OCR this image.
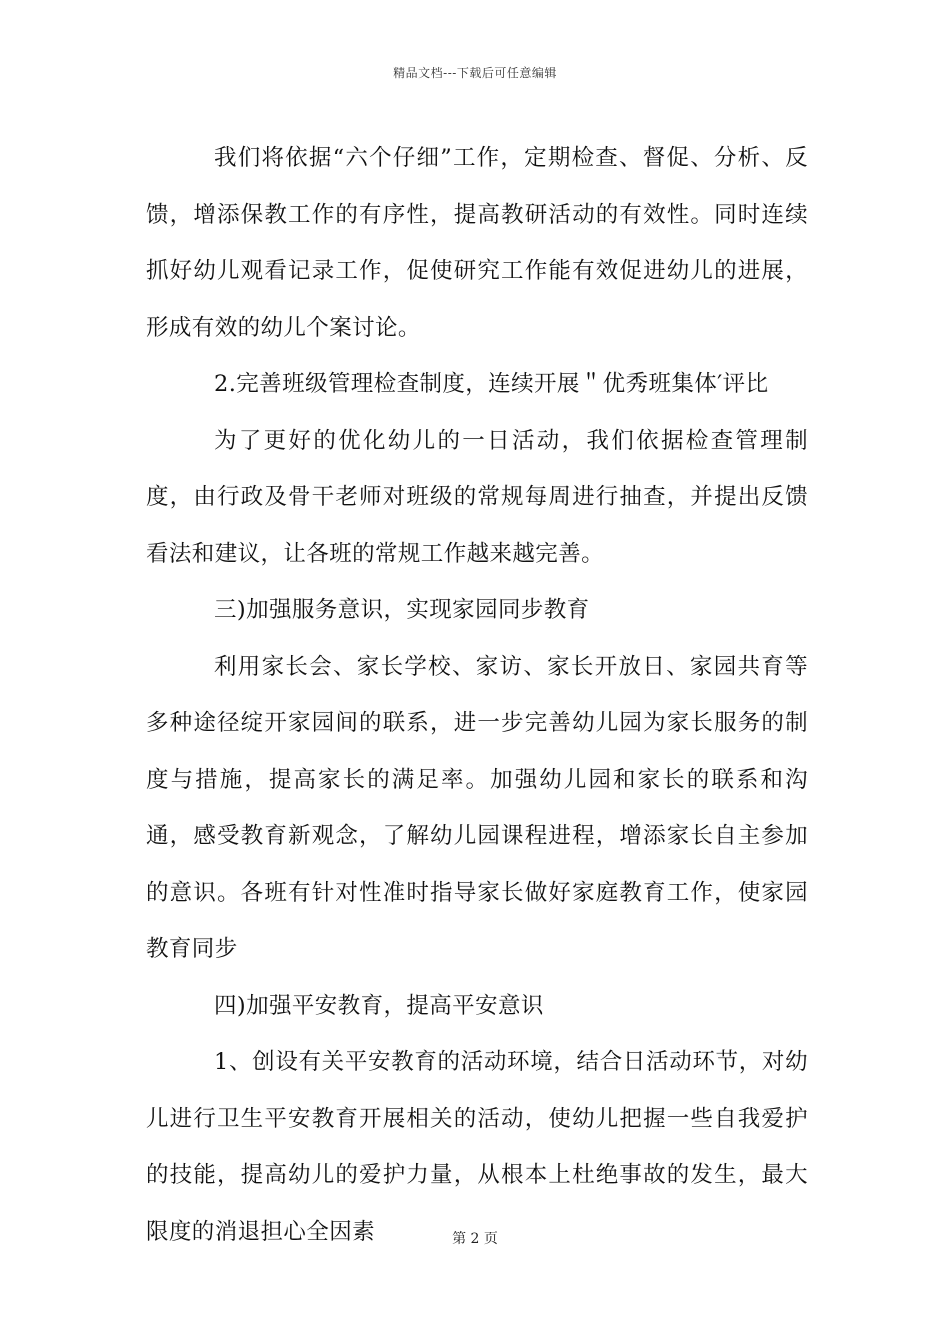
精品文档---下载后可任意编辑

我们将依据“六个仔细”工作，定期检查、督促、分析、反馈，增添保教工作的有序性，提高教研活动的有效性。同时连续抓好幼儿观看记录工作，促使研究工作能有效促进幼儿的进展，形成有效的幼儿个案讨论。

2.完善班级管理检查制度，连续开展＂优秀班集体′评比

为了更好的优化幼儿的一日活动，我们依据检查管理制度，由行政及骨干老师对班级的常规每周进行抽查，并提出反馈看法和建议，让各班的常规工作越来越完善。

三)加强服务意识，实现家园同步教育

利用家长会、家长学校、家访、家长开放日、家园共育等多种途径绽开家园间的联系，进一步完善幼儿园为家长服务的制度与措施，提高家长的满足率。加强幼儿园和家长的联系和沟通，感受教育新观念，了解幼儿园课程进程，增添家长自主参加的意识。各班有针对性准时指导家长做好家庭教育工作，使家园教育同步

四)加强平安教育，提高平安意识

1、创设有关平安教育的活动环境，结合日活动环节，对幼儿进行卫生平安教育开展相关的活动，使幼儿把握一些自我爱护的技能，提高幼儿的爱护力量，从根本上杜绝事故的发生，最大限度的消退担心全因素	第 2 页
